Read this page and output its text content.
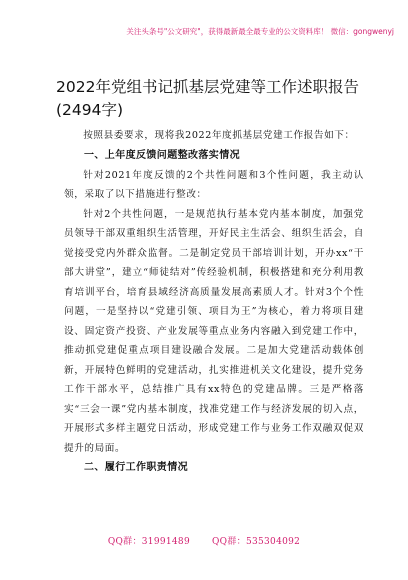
关注头条号"公文研究"，获得最新最全最专业的公文资料库！ 微信：gongwenyj
2022年党组书记抓基层党建等工作述职报告(2494字)

按照县委要求，现将我2022年度抓基层党建工作报告如下：

一、上年度反馈问题整改落实情况

针对2021年度反馈的2个共性问题和3个性问题，我主动认领，采取了以下措施进行整改：

针对2个共性问题，一是规范执行基本党内基本制度，加强党员领导干部双重组织生活管理，开好民主生活会、组织生活会，自觉接受党内外群众监督。二是制定党员干部培训计划，开办xx“干部大讲堂”，建立“师徒结对”传经验机制，积极搭建和充分利用教育培训平台，培育县域经济高质量发展高素质人才。针对3个个性问题，一是坚持以“党建引领、项目为王”为核心，着力将项目建设、固定资产投资、产业发展等重点业务内容融入到党建工作中，推动抓党建促重点项目建设融合发展。二是加大党建活动载体创新，开展特色鲜明的党建活动，扎实推进机关文化建设，提升党务工作干部水平，总结推广具有xx特色的党建品牌。三是严格落实“三会一课”党内基本制度，找准党建工作与经济发展的切入点，开展形式多样主题党日活动，形成党建工作与业务工作双融双促双提升的局面。

二、履行工作职责情况

QQ群：31991489 QQ群：535304092
